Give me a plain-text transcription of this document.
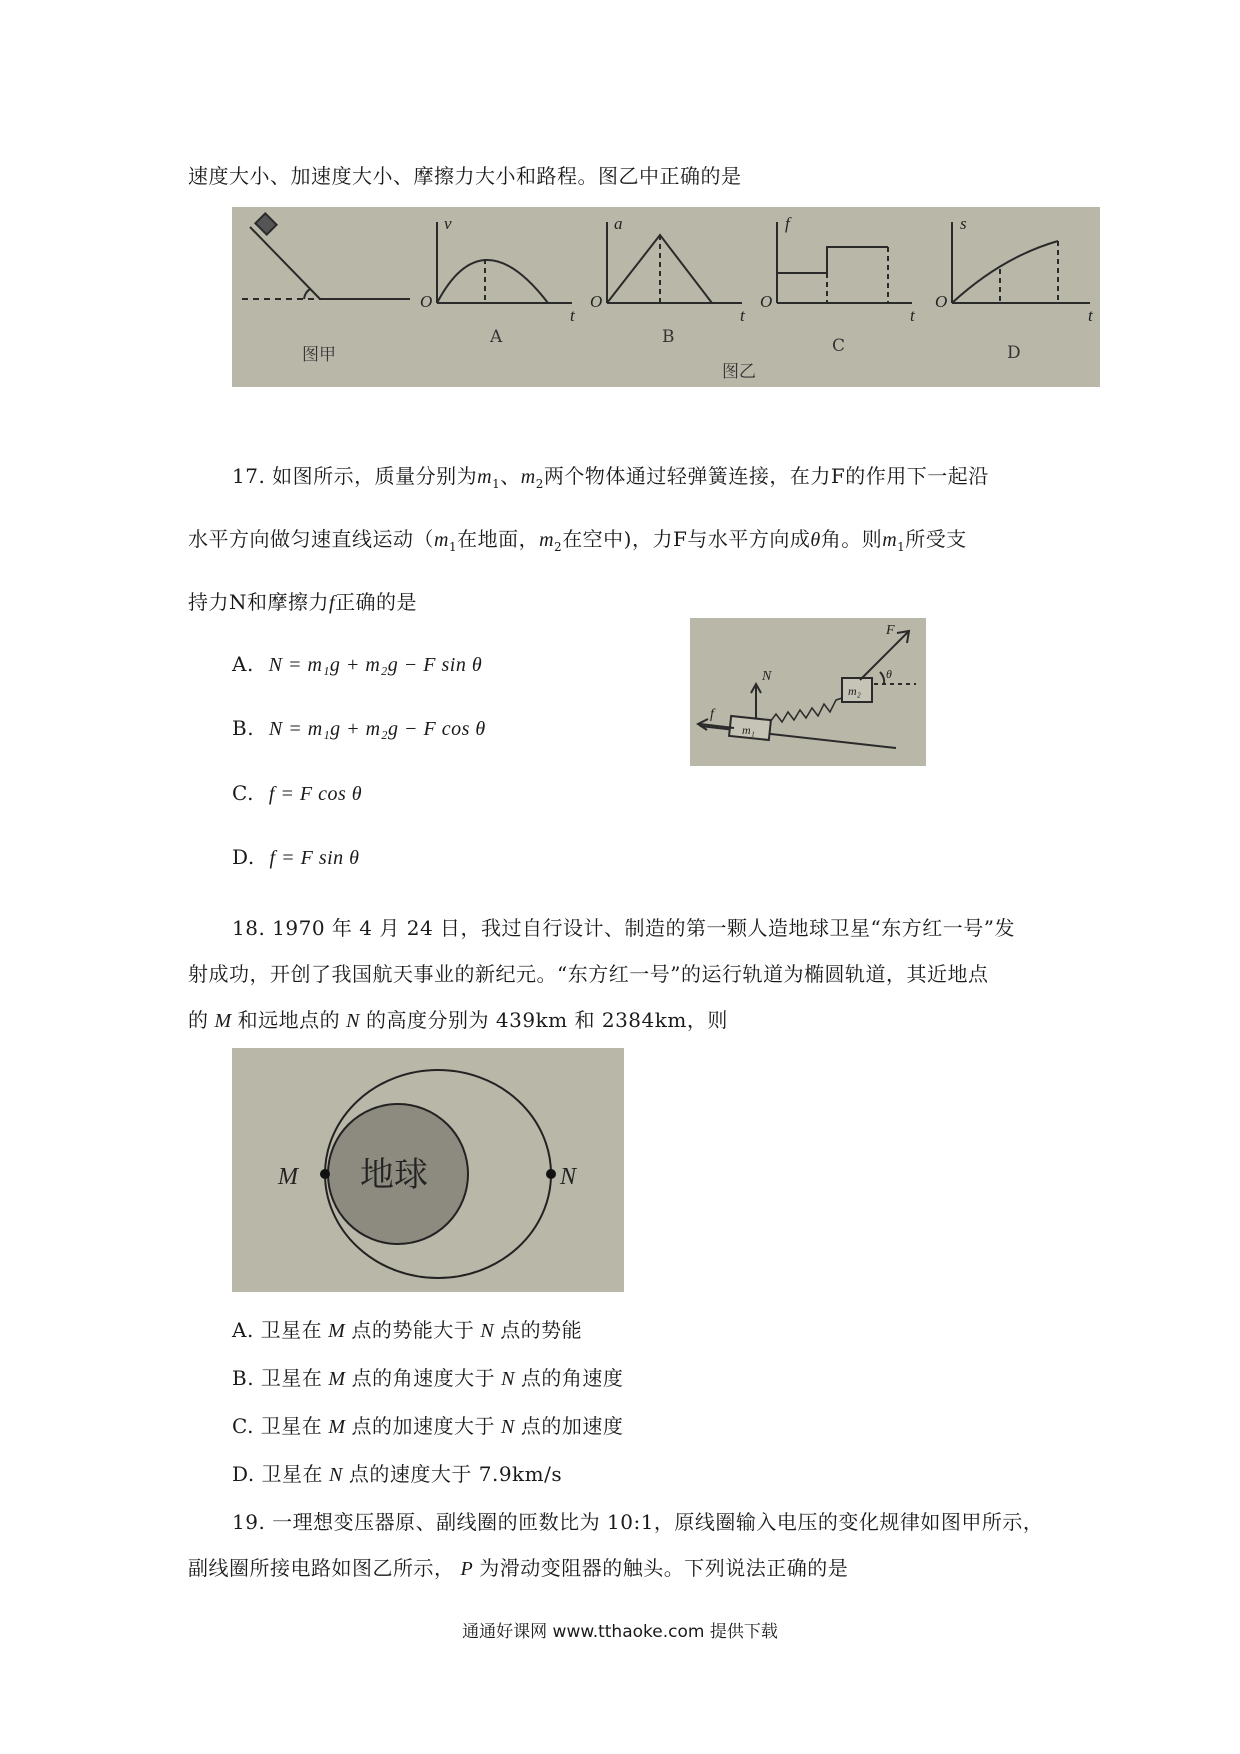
速度大小、加速度大小、摩擦力大小和路程。图乙中正确的是
O
v
t
O
a
t
O
f
t
O
s
t
A	B	C	D
图甲
图乙
17. 如图所示，质量分别为$m_1$、$m_2$两个物体通过轻弹簧连接，在力F的作用下一起沿
水平方向做匀速直线运动（$m_1$在地面，$m_2$在空中)，力F与水平方向成θ角。则$m_1$所受支
持力N和摩擦力f正确的是
A. N = m₁g + m₂g − F sin θ
B. N = m₁g + m₂g − F cos θ
C. f = F cos θ
D. f = F sin θ
F
N
f
θ
m₁
m₂
18. 1970 年 4 月 24 日，我过自行设计、制造的第一颗人造地球卫星“东方红一号”发
射成功，开创了我国航天事业的新纪元。“东方红一号”的运行轨道为椭圆轨道，其近地点
的 M 和远地点的 N 的高度分别为 439km 和 2384km，则
地球
M	N
A. 卫星在 M 点的势能大于 N 点的势能
B. 卫星在 M 点的角速度大于 N 点的角速度
C. 卫星在 M 点的加速度大于 N 点的加速度
D. 卫星在 N 点的速度大于 7.9km/s
19. 一理想变压器原、副线圈的匝数比为 10:1，原线圈输入电压的变化规律如图甲所示，
副线圈所接电路如图乙所示， P 为滑动变阻器的触头。下列说法正确的是
通通好课网 www.tthaoke.com 提供下载
